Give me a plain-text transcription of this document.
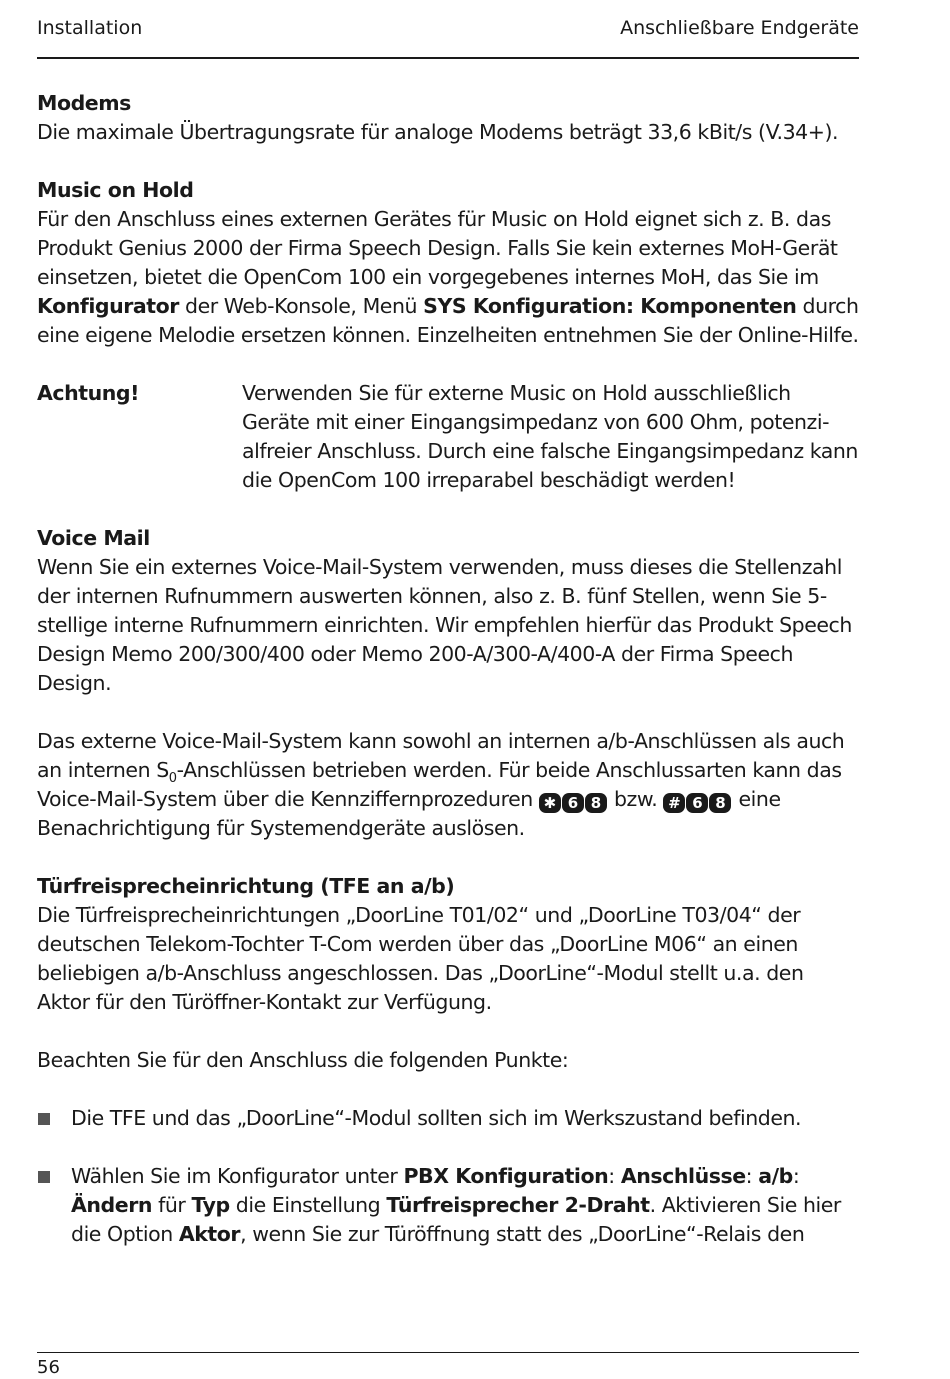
Installation	Anschließbare Endgeräte

Modems

Die maximale Übertragungsrate für analoge Modems beträgt 33,6 kBit/s (V.34+).

Music on Hold

Für den Anschluss eines externen Gerätes für Music on Hold eignet sich z. B. das Produkt Genius 2000 der Firma Speech Design. Falls Sie kein externes MoH-Gerät einsetzen, bietet die OpenCom 100 ein vorgegebenes internes MoH, das Sie im Konfigurator der Web-Konsole, Menü SYS Konfiguration: Komponenten durch eine eigene Melodie ersetzen können. Einzelheiten entnehmen Sie der Online-Hilfe.

Achtung!	Verwenden Sie für externe Music on Hold ausschließlich Geräte mit einer Eingangsimpedanz von 600 Ohm, potenzialfreier Anschluss. Durch eine falsche Eingangsimpedanz kann die OpenCom 100 irreparabel beschädigt werden!

Voice Mail

Wenn Sie ein externes Voice-Mail-System verwenden, muss dieses die Stellenzahl der internen Rufnummern auswerten können, also z. B. fünf Stellen, wenn Sie 5-stellige interne Rufnummern einrichten. Wir empfehlen hierfür das Produkt Speech Design Memo 200/300/400 oder Memo 200-A/300-A/400-A der Firma Speech Design.

Das externe Voice-Mail-System kann sowohl an internen a/b-Anschlüssen als auch an internen $S_0$-Anschlüssen betrieben werden. Für beide Anschlussarten kann das Voice-Mail-System über die Kennziffernprozeduren ✱ 6 8 bzw. # 6 8 eine Benachrichtigung für Systemendgeräte auslösen.

Türfreisprecheinrichtung (TFE an a/b)

Die Türfreisprecheinrichtungen „DoorLine T01/02“ und „DoorLine T03/04“ der deutschen Telekom-Tochter T-Com werden über das „DoorLine M06“ an einen beliebigen a/b-Anschluss angeschlossen. Das „DoorLine“-Modul stellt u.a. den Aktor für den Türöffner-Kontakt zur Verfügung.

Beachten Sie für den Anschluss die folgenden Punkte:

Die TFE und das „DoorLine“-Modul sollten sich im Werkszustand befinden.
Wählen Sie im Konfigurator unter PBX Konfiguration: Anschlüsse: a/b: Ändern für Typ die Einstellung Türfreisprecher 2-Draht. Aktivieren Sie hier die Option Aktor, wenn Sie zur Türöffnung statt des „DoorLine“-Relais den
56
